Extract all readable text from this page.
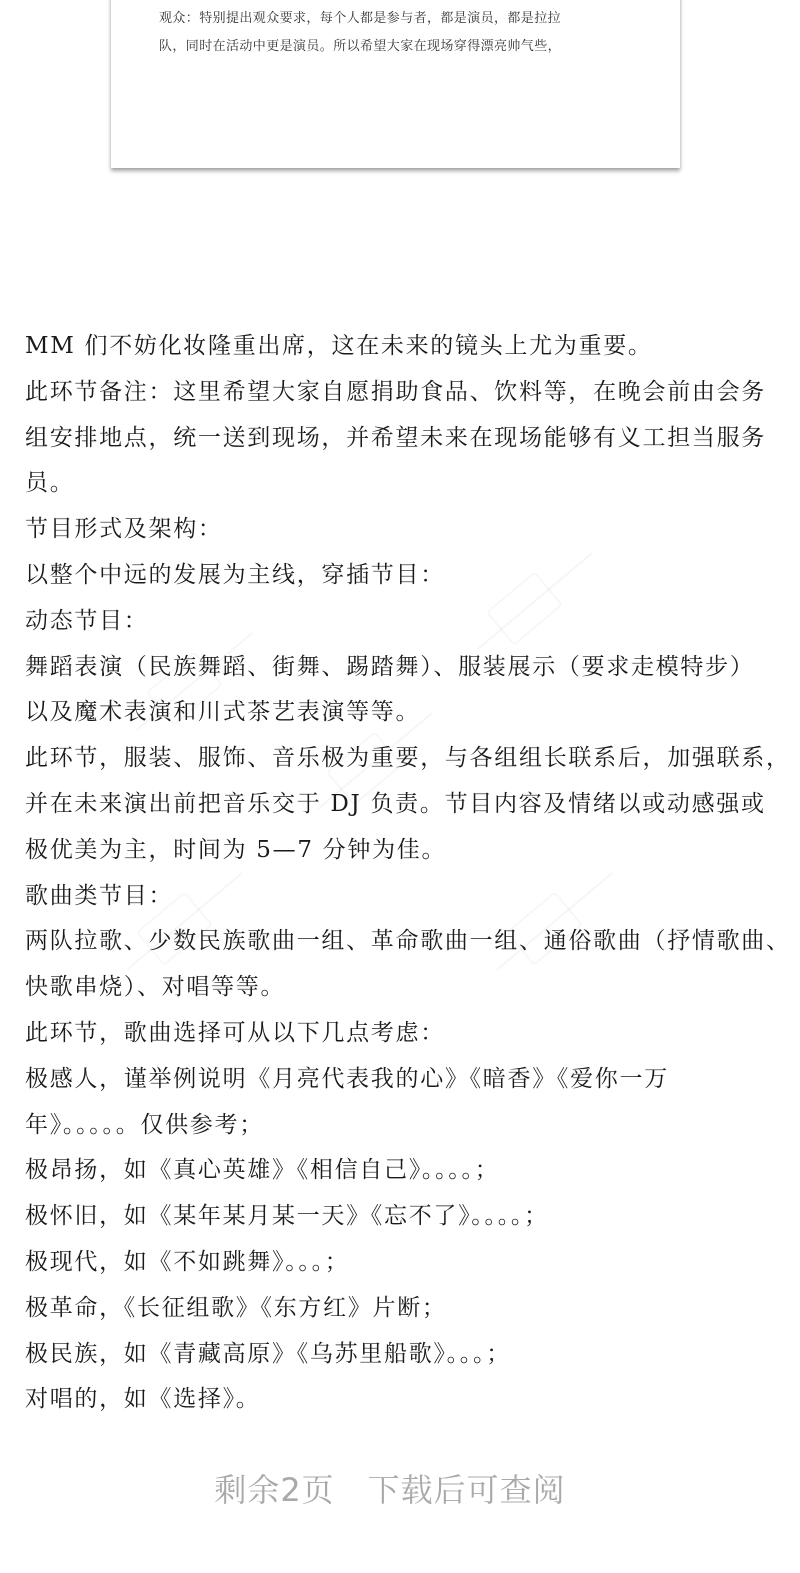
观众：特别提出观众要求，每个人都是参与者，都是演员，都是拉拉
队，同时在活动中更是演员。所以希望大家在现场穿得漂亮帅气些，
MM 们不妨化妆隆重出席，这在未来的镜头上尤为重要。
此环节备注：这里希望大家自愿捐助食品、饮料等，在晚会前由会务
组安排地点，统一送到现场，并希望未来在现场能够有义工担当服务
员。
节目形式及架构：
以整个中远的发展为主线，穿插节目：
动态节目：
舞蹈表演（民族舞蹈、街舞、踢踏舞）、服装展示（要求走模特步）
以及魔术表演和川式茶艺表演等等。
此环节，服装、服饰、音乐极为重要，与各组组长联系后，加强联系，
并在未来演出前把音乐交于 DJ 负责。节目内容及情绪以或动感强或
极优美为主，时间为 5—7 分钟为佳。
歌曲类节目：
两队拉歌、少数民族歌曲一组、革命歌曲一组、通俗歌曲（抒情歌曲、
快歌串烧）、对唱等等。
此环节，歌曲选择可从以下几点考虑：
极感人，谨举例说明《月亮代表我的心》《暗香》《爱你一万
年》。。。。。仅供参考；
极昂扬，如《真心英雄》《相信自己》。。。。；
极怀旧，如《某年某月某一天》《忘不了》。。。。；
极现代，如《不如跳舞》。。。；
极革命，《长征组歌》《东方红》片断；
极民族，如《青藏高原》《乌苏里船歌》。。。；
对唱的，如《选择》。
剩余2页　下载后可查阅
